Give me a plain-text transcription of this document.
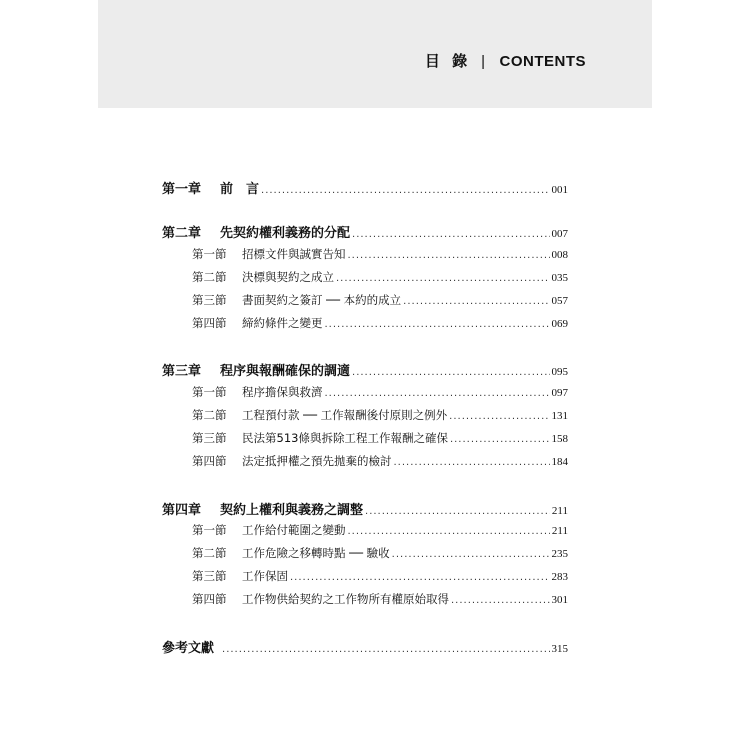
目 錄 | CONTENTS
第一章	前　言 .....	001
第二章	先契約權利義務的分配 .....	007
第一節	招標文件與誠實告知 .....	008
第二節	決標與契約之成立 .....	035
第三節	書面契約之簽訂 ── 本約的成立 .....	057
第四節	締約條件之變更 .....	069
第三章	程序與報酬確保的調適 .....	095
第一節	程序擔保與救濟 .....	097
第二節	工程預付款 ── 工作報酬後付原則之例外 .....	131
第三節	民法第513條與拆除工程工作報酬之確保 .....	158
第四節	法定抵押權之預先拋棄的檢討 .....	184
第四章	契約上權利與義務之調整 .....	211
第一節	工作給付範圍之變動 .....	211
第二節	工作危險之移轉時點 ── 驗收 .....	235
第三節	工作保固 .....	283
第四節	工作物供給契約之工作物所有權原始取得 .....	301
參考文獻 .....	315
